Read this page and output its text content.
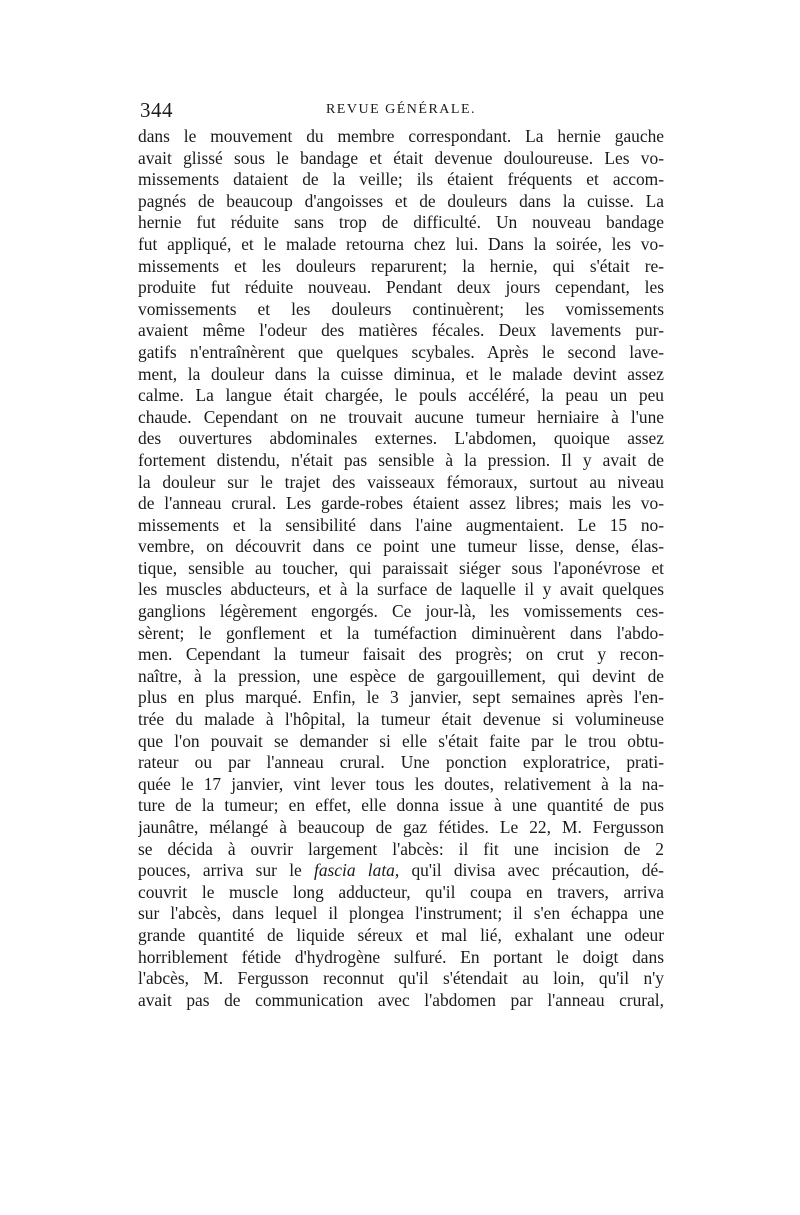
344	REVUE GÉNÉRALE.
dans le mouvement du membre correspondant. La hernie gauche
avait glissé sous le bandage et était devenue douloureuse. Les vo-
missements dataient de la veille; ils étaient fréquents et accom-
pagnés de beaucoup d'angoisses et de douleurs dans la cuisse. La
hernie fut réduite sans trop de difficulté. Un nouveau bandage
fut appliqué, et le malade retourna chez lui. Dans la soirée, les vo-
missements et les douleurs reparurent; la hernie, qui s'était re-
produite fut réduite nouveau. Pendant deux jours cependant, les
vomissements et les douleurs continuèrent; les vomissements
avaient même l'odeur des matières fécales. Deux lavements pur-
gatifs n'entraînèrent que quelques scybales. Après le second lave-
ment, la douleur dans la cuisse diminua, et le malade devint assez
calme. La langue était chargée, le pouls accéléré, la peau un peu
chaude. Cependant on ne trouvait aucune tumeur herniaire à l'une
des ouvertures abdominales externes. L'abdomen, quoique assez
fortement distendu, n'était pas sensible à la pression. Il y avait de
la douleur sur le trajet des vaisseaux fémoraux, surtout au niveau
de l'anneau crural. Les garde-robes étaient assez libres; mais les vo-
missements et la sensibilité dans l'aine augmentaient. Le 15 no-
vembre, on découvrit dans ce point une tumeur lisse, dense, élas-
tique, sensible au toucher, qui paraissait siéger sous l'aponévrose et
les muscles abducteurs, et à la surface de laquelle il y avait quelques
ganglions légèrement engorgés. Ce jour-là, les vomissements ces-
sèrent; le gonflement et la tuméfaction diminuèrent dans l'abdo-
men. Cependant la tumeur faisait des progrès; on crut y recon-
naître, à la pression, une espèce de gargouillement, qui devint de
plus en plus marqué. Enfin, le 3 janvier, sept semaines après l'en-
trée du malade à l'hôpital, la tumeur était devenue si volumineuse
que l'on pouvait se demander si elle s'était faite par le trou obtu-
rateur ou par l'anneau crural. Une ponction exploratrice, prati-
quée le 17 janvier, vint lever tous les doutes, relativement à la na-
ture de la tumeur; en effet, elle donna issue à une quantité de pus
jaunâtre, mélangé à beaucoup de gaz fétides. Le 22, M. Fergusson
se décida à ouvrir largement l'abcès: il fit une incision de 2
pouces, arriva sur le fascia lata, qu'il divisa avec précaution, dé-
couvrit le muscle long adducteur, qu'il coupa en travers, arriva
sur l'abcès, dans lequel il plongea l'instrument; il s'en échappa une
grande quantité de liquide séreux et mal lié, exhalant une odeur
horriblement fétide d'hydrogène sulfuré. En portant le doigt dans
l'abcès, M. Fergusson reconnut qu'il s'étendait au loin, qu'il n'y
avait pas de communication avec l'abdomen par l'anneau crural,
